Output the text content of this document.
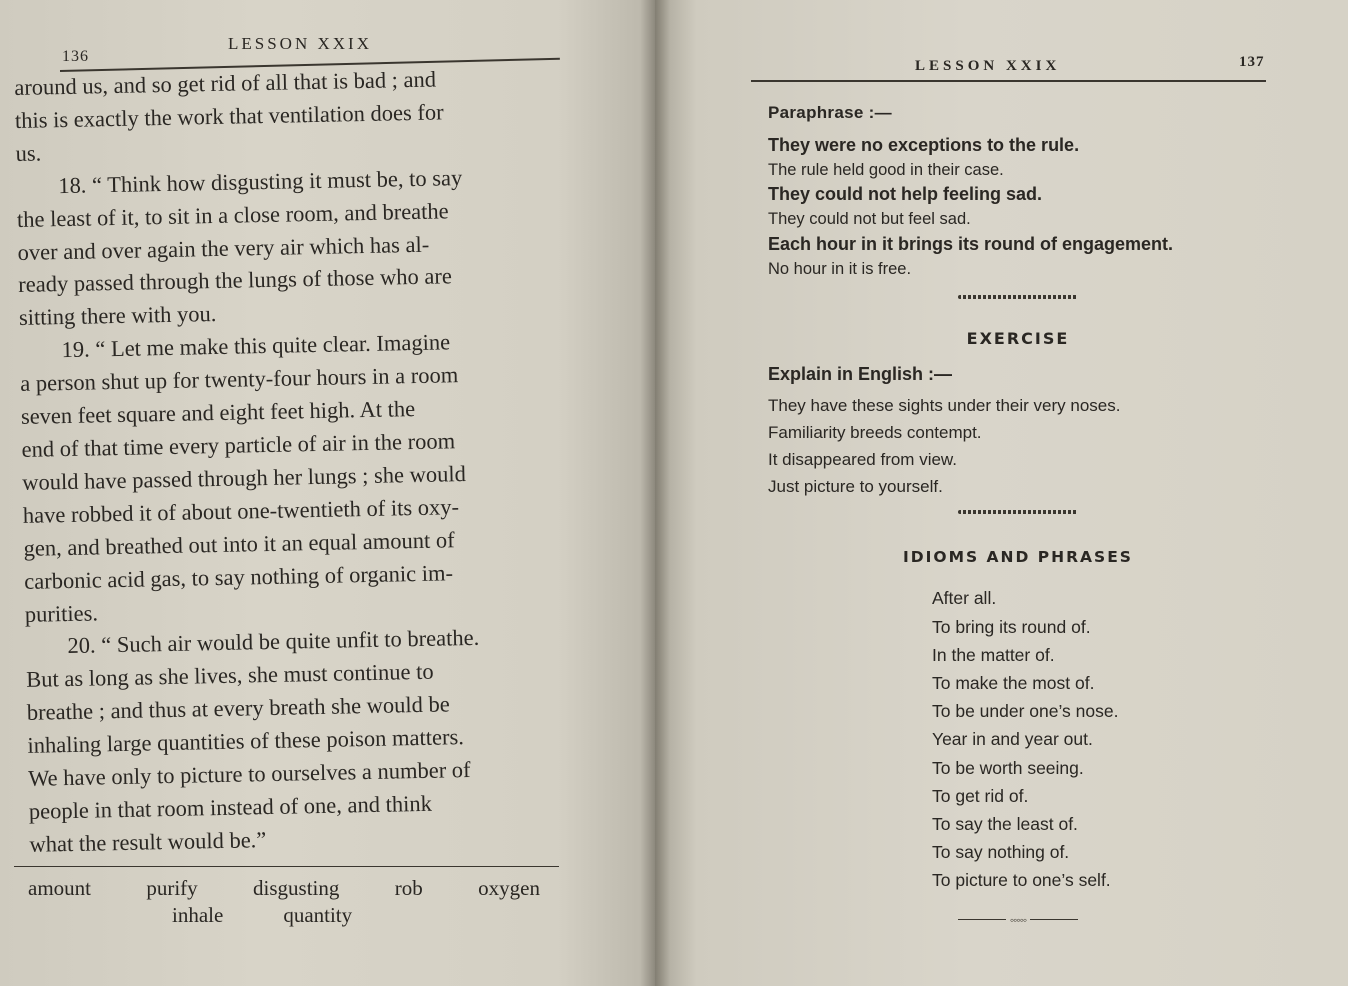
136
LESSON XXIX

around us, and so get rid of all that is bad ; and

this is exactly the work that ventilation does for

us.

18. “ Think how disgusting it must be, to say

the least of it, to sit in a close room, and breathe

over and over again the very air which has al-

ready passed through the lungs of those who are

sitting there with you.

19. “ Let me make this quite clear. Imagine

a person shut up for twenty-four hours in a room

seven feet square and eight feet high. At the

end of that time every particle of air in the room

would have passed through her lungs ; she would

have robbed it of about one-twentieth of its oxy-

gen, and breathed out into it an equal amount of

carbonic acid gas, to say nothing of organic im-

purities.

20. “ Such air would be quite unfit to breathe.

But as long as she lives, she must continue to

breathe ; and thus at every breath she would be

inhaling large quantities of these poison matters.

We have only to picture to ourselves a number of

people in that room instead of one, and think

what the result would be.”

amount	purify	disgusting	rob	oxygen
inhale	quantity
LESSON XXIX	137

Paraphrase :—

They were no exceptions to the rule.

The rule held good in their case.

They could not help feeling sad.

They could not but feel sad.

Each hour in it brings its round of engagement.

No hour in it is free.

EXERCISE

Explain in English :—

They have these sights under their very noses.

Familiarity breeds contempt.

It disappeared from view.

Just picture to yourself.

IDIOMS AND PHRASES

After all.

To bring its round of.

In the matter of.

To make the most of.

To be under one’s nose.

Year in and year out.

To be worth seeing.

To get rid of.

To say the least of.

To say nothing of.

To picture to one’s self.

◦◦◦◦◦
